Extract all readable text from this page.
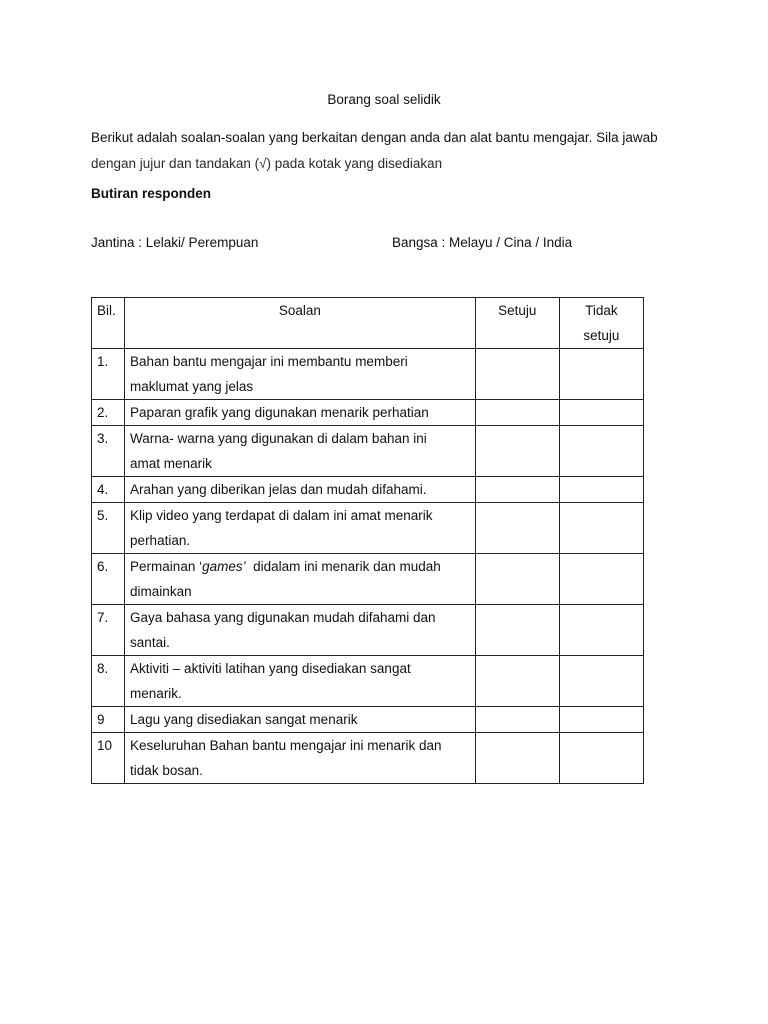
Borang soal selidik
Berikut adalah soalan-soalan yang berkaitan dengan anda dan alat bantu mengajar. Sila jawab
dengan jujur dan tandakan (√) pada kotak yang disediakan
Butiran responden
Jantina : Lelaki/ Perempuan	Bangsa : Melayu / Cina / India
Bil.	Soalan	Setuju	Tidak
setuju

1.	Bahan bantu mengajar ini membantu memberi
maklumat yang jelas		

2.	Paparan grafik yang digunakan menarik perhatian		

3.	Warna- warna yang digunakan di dalam bahan ini
amat menarik		

4.	Arahan yang diberikan jelas dan mudah difahami.		

5.	Klip video yang terdapat di dalam ini amat menarik
perhatian.		

6.	Permainan ‘games’  didalam ini menarik dan mudah
dimainkan		

7.	Gaya bahasa yang digunakan mudah difahami dan
santai.		

8.	Aktiviti – aktiviti latihan yang disediakan sangat
menarik.		

9	Lagu yang disediakan sangat menarik		

10	Keseluruhan Bahan bantu mengajar ini menarik dan
tidak bosan.		
